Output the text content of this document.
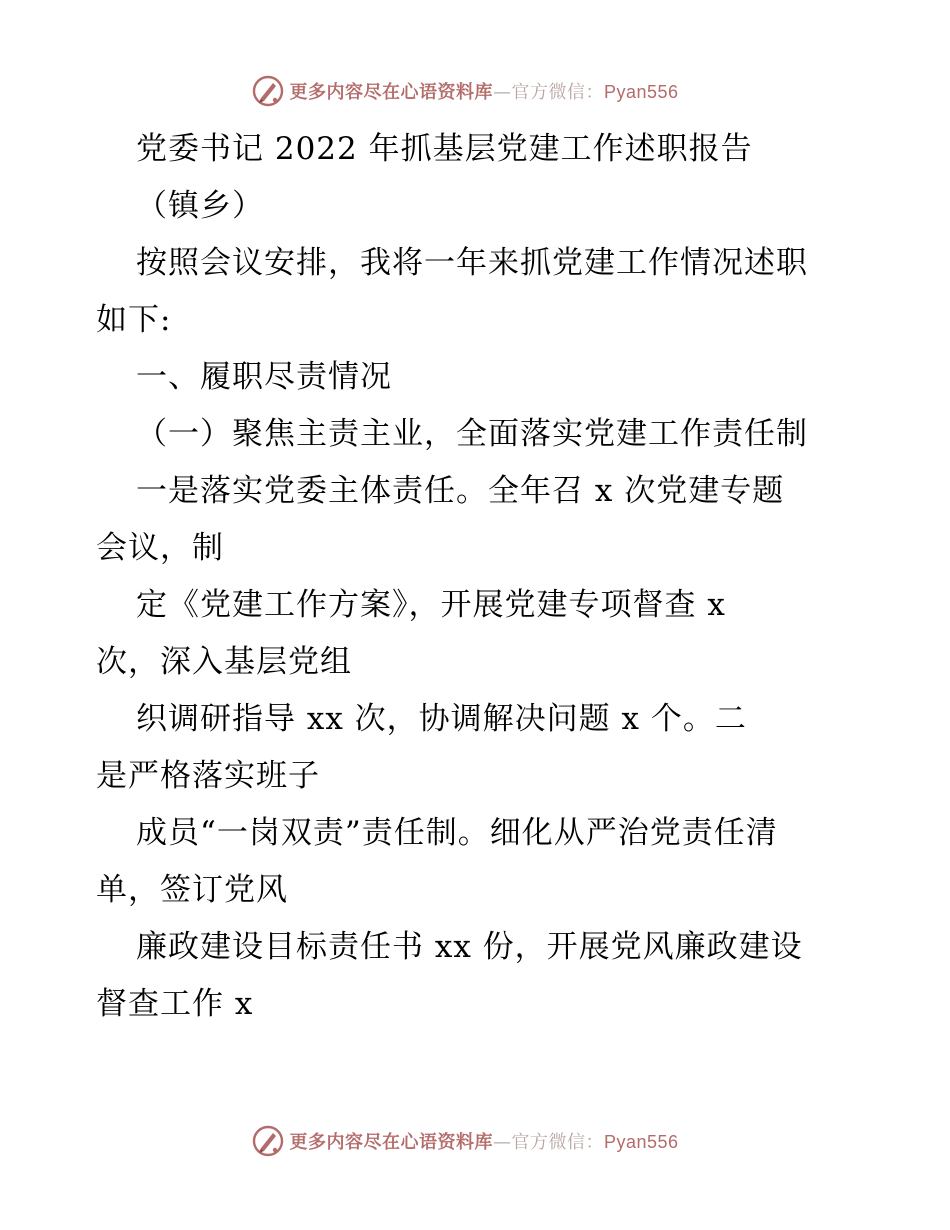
更多内容尽在心语资料库—官方微信：Pyan556
党委书记 2022 年抓基层党建工作述职报告
（镇乡）
按照会议安排，我将一年来抓党建工作情况述职
如下:
一、履职尽责情况
（一）聚焦主责主业，全面落实党建工作责任制
一是落实党委主体责任。全年召 x 次党建专题
会议，制
定《党建工作方案》，开展党建专项督查 x
次，深入基层党组
织调研指导 xx 次，协调解决问题 x 个。二
是严格落实班子
成员“一岗双责”责任制。细化从严治党责任清
单，签订党风
廉政建设目标责任书 xx 份，开展党风廉政建设
督查工作 x
更多内容尽在心语资料库—官方微信：Pyan556
